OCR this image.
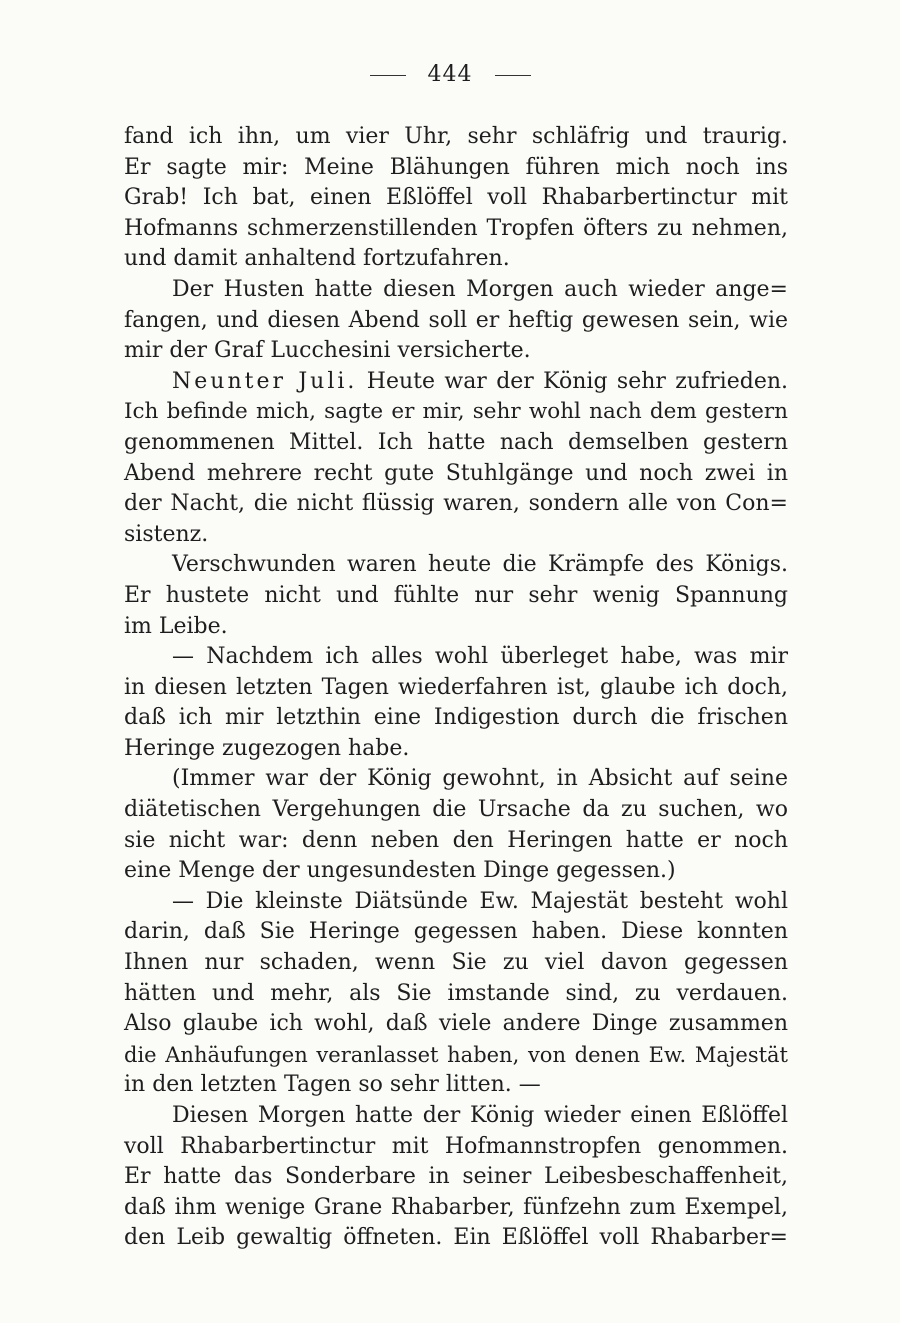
444
fand ich ihn, um vier Uhr, sehr schläfrig und traurig.
Er sagte mir: Meine Blähungen führen mich noch ins
Grab! Ich bat, einen Eßlöffel voll Rhabarbertinctur mit
Hofmanns schmerzenstillenden Tropfen öfters zu nehmen,
und damit anhaltend fortzufahren.
Der Husten hatte diesen Morgen auch wieder ange=
fangen, und diesen Abend soll er heftig gewesen sein, wie
mir der Graf Lucchesini versicherte.
Neunter Juli. Heute war der König sehr zufrieden.
Ich befinde mich, sagte er mir, sehr wohl nach dem gestern
genommenen Mittel. Ich hatte nach demselben gestern
Abend mehrere recht gute Stuhlgänge und noch zwei in
der Nacht, die nicht flüssig waren, sondern alle von Con=
sistenz.
Verschwunden waren heute die Krämpfe des Königs.
Er hustete nicht und fühlte nur sehr wenig Spannung
im Leibe.
— Nachdem ich alles wohl überleget habe, was mir
in diesen letzten Tagen wiederfahren ist, glaube ich doch,
daß ich mir letzthin eine Indigestion durch die frischen
Heringe zugezogen habe.
(Immer war der König gewohnt, in Absicht auf seine
diätetischen Vergehungen die Ursache da zu suchen, wo
sie nicht war: denn neben den Heringen hatte er noch
eine Menge der ungesundesten Dinge gegessen.)
— Die kleinste Diätsünde Ew. Majestät besteht wohl
darin, daß Sie Heringe gegessen haben. Diese konnten
Ihnen nur schaden, wenn Sie zu viel davon gegessen
hätten und mehr, als Sie imstande sind, zu verdauen.
Also glaube ich wohl, daß viele andere Dinge zusammen
die Anhäufungen veranlasset haben, von denen Ew. Majestät
in den letzten Tagen so sehr litten. —
Diesen Morgen hatte der König wieder einen Eßlöffel
voll Rhabarbertinctur mit Hofmannstropfen genommen.
Er hatte das Sonderbare in seiner Leibesbeschaffenheit,
daß ihm wenige Grane Rhabarber, fünfzehn zum Exempel,
den Leib gewaltig öffneten. Ein Eßlöffel voll Rhabarber=
